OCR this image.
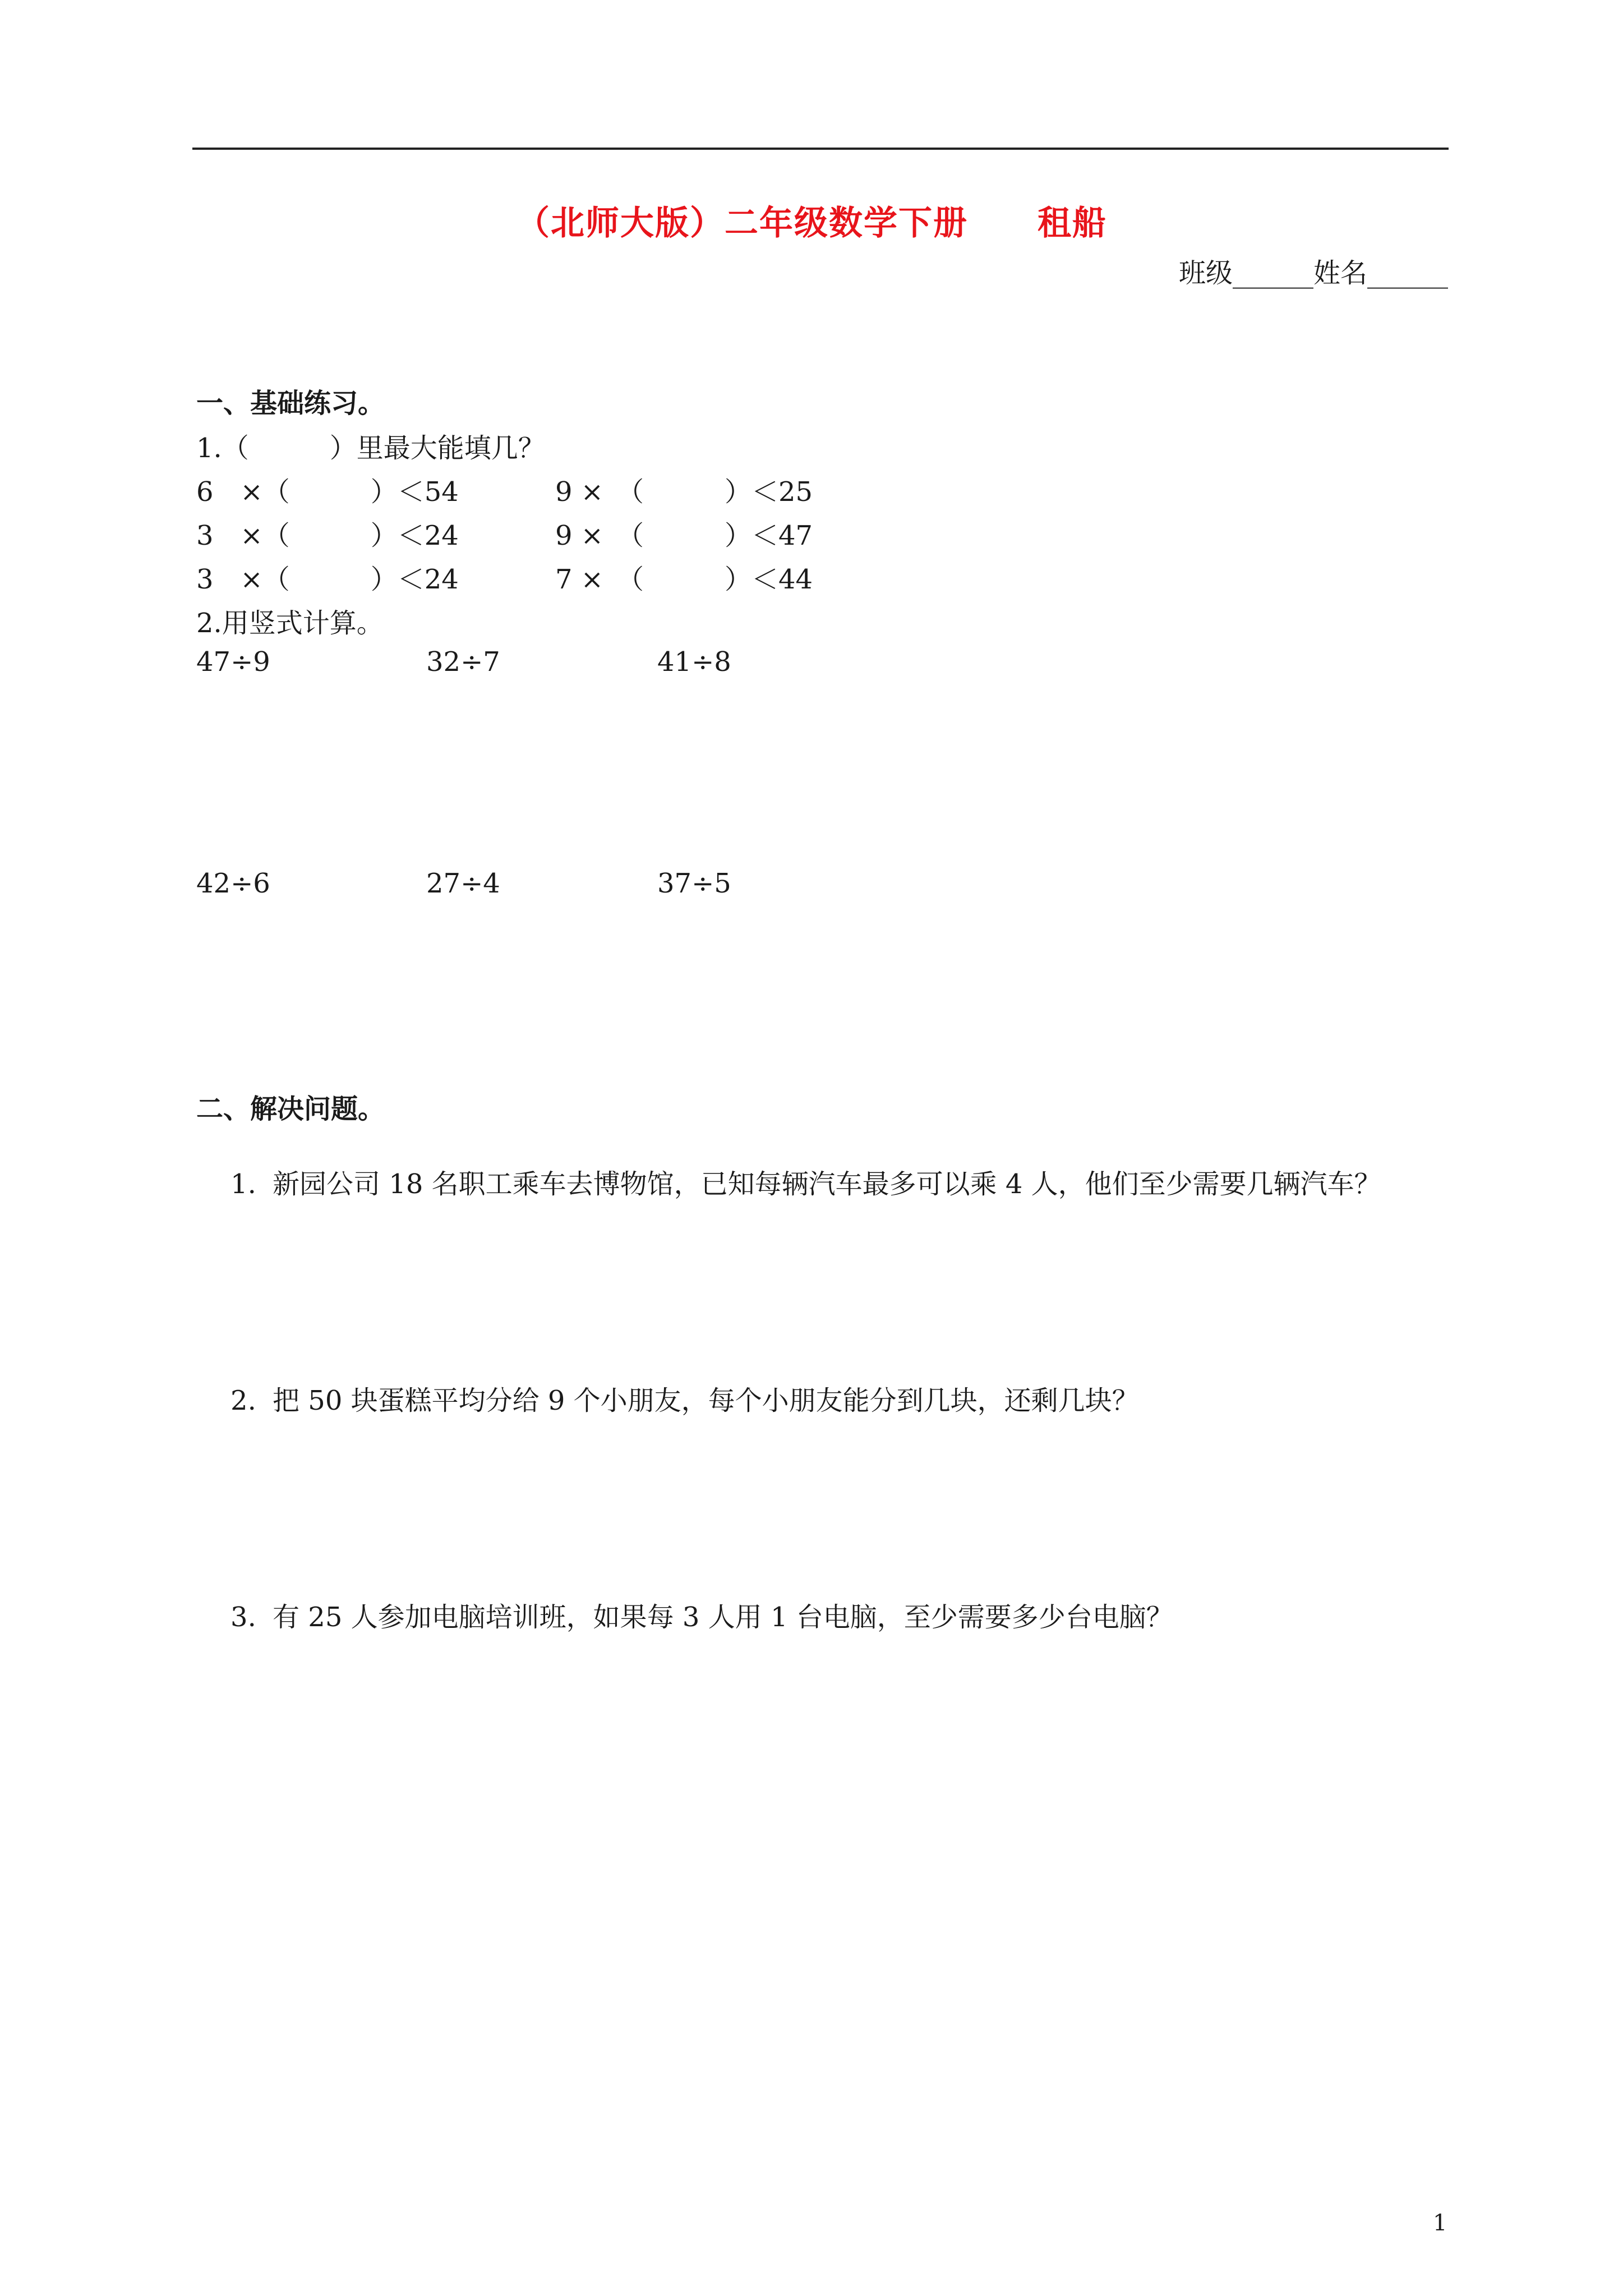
（北师大版）二年级数学下册　　租船
班级______姓名______
一、基础练习。
1.（　　　）里最大能填几？
6　×（　　　）＜54	9 ×　（　　　）＜25
3　×（　　　）＜24	9 ×　（　　　）＜47
3　×（　　　）＜24	7 ×　（　　　）＜44
2.用竖式计算。
47÷9	32÷7	41÷8
42÷6	27÷4	37÷5
二、解决问题。

1. 新园公司 18 名职工乘车去博物馆，已知每辆汽车最多可以乘 4 人，他们至少需要几辆汽车？

2. 把 50 块蛋糕平均分给 9 个小朋友，每个小朋友能分到几块，还剩几块？

3. 有 25 人参加电脑培训班，如果每 3 人用 1 台电脑，至少需要多少台电脑？

1
